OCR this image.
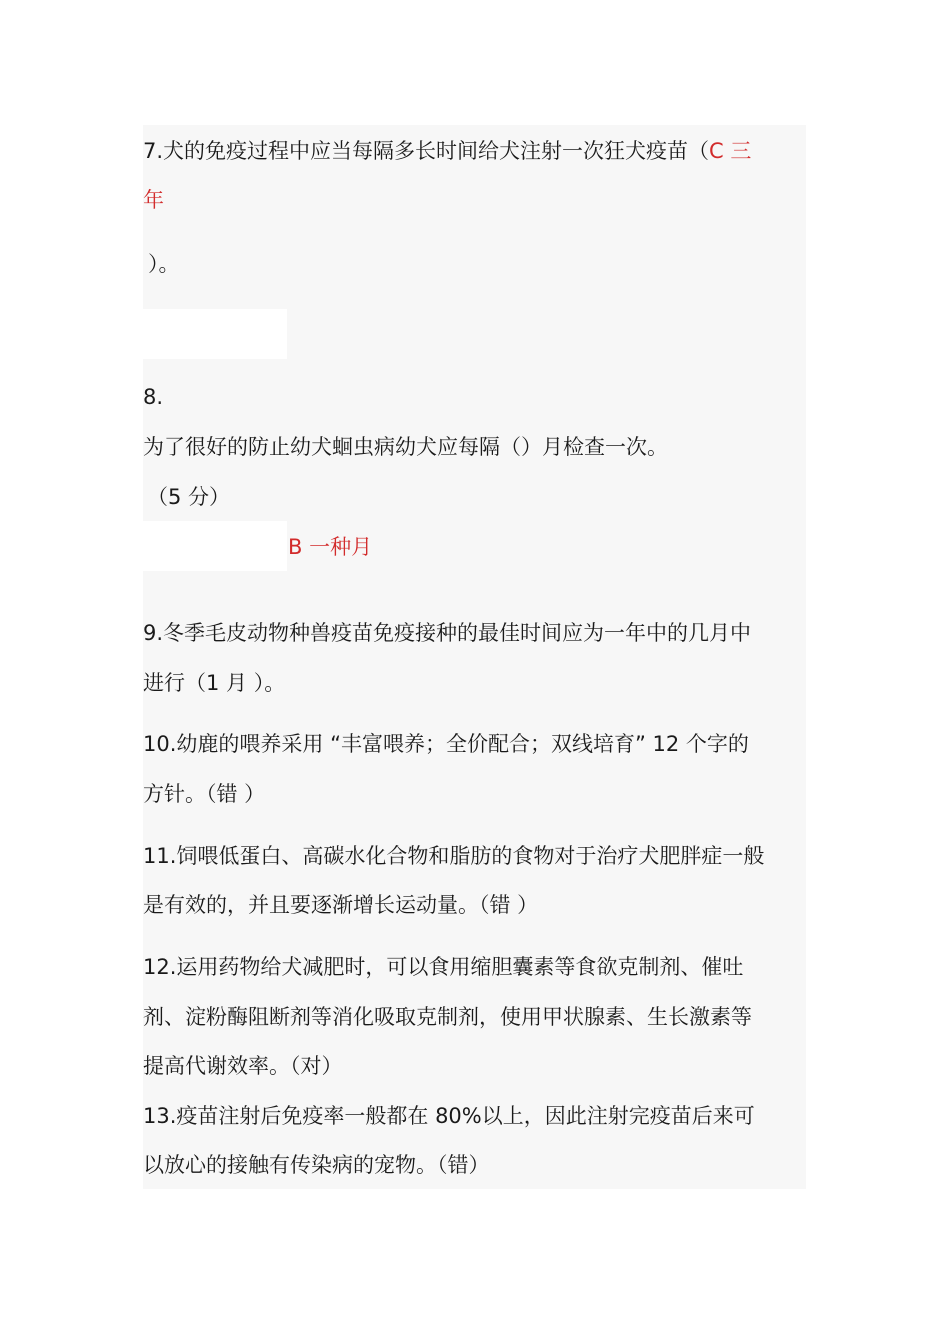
7.犬的免疫过程中应当每隔多长时间给犬注射一次狂犬疫苗（C 三
年
）。
8.
为了很好的防止幼犬蛔虫病幼犬应每隔（）月检查一次。
（5 分）
B 一种月
9.冬季毛皮动物种兽疫苗免疫接种的最佳时间应为一年中的几月中
进行（1 月 ）。
10.幼鹿的喂养采用 “丰富喂养；全价配合；双线培育” 12 个字的
方针。（错 ）
11.饲喂低蛋白、高碳水化合物和脂肪的食物对于治疗犬肥胖症一般
是有效的，并且要逐渐增长运动量。（错 ）
12.运用药物给犬减肥时，可以食用缩胆囊素等食欲克制剂、催吐
剂、淀粉酶阻断剂等消化吸取克制剂，使用甲状腺素、生长激素等
提高代谢效率。（对）
13.疫苗注射后免疫率一般都在 80%以上，因此注射完疫苗后来可
以放心的接触有传染病的宠物。（错）
